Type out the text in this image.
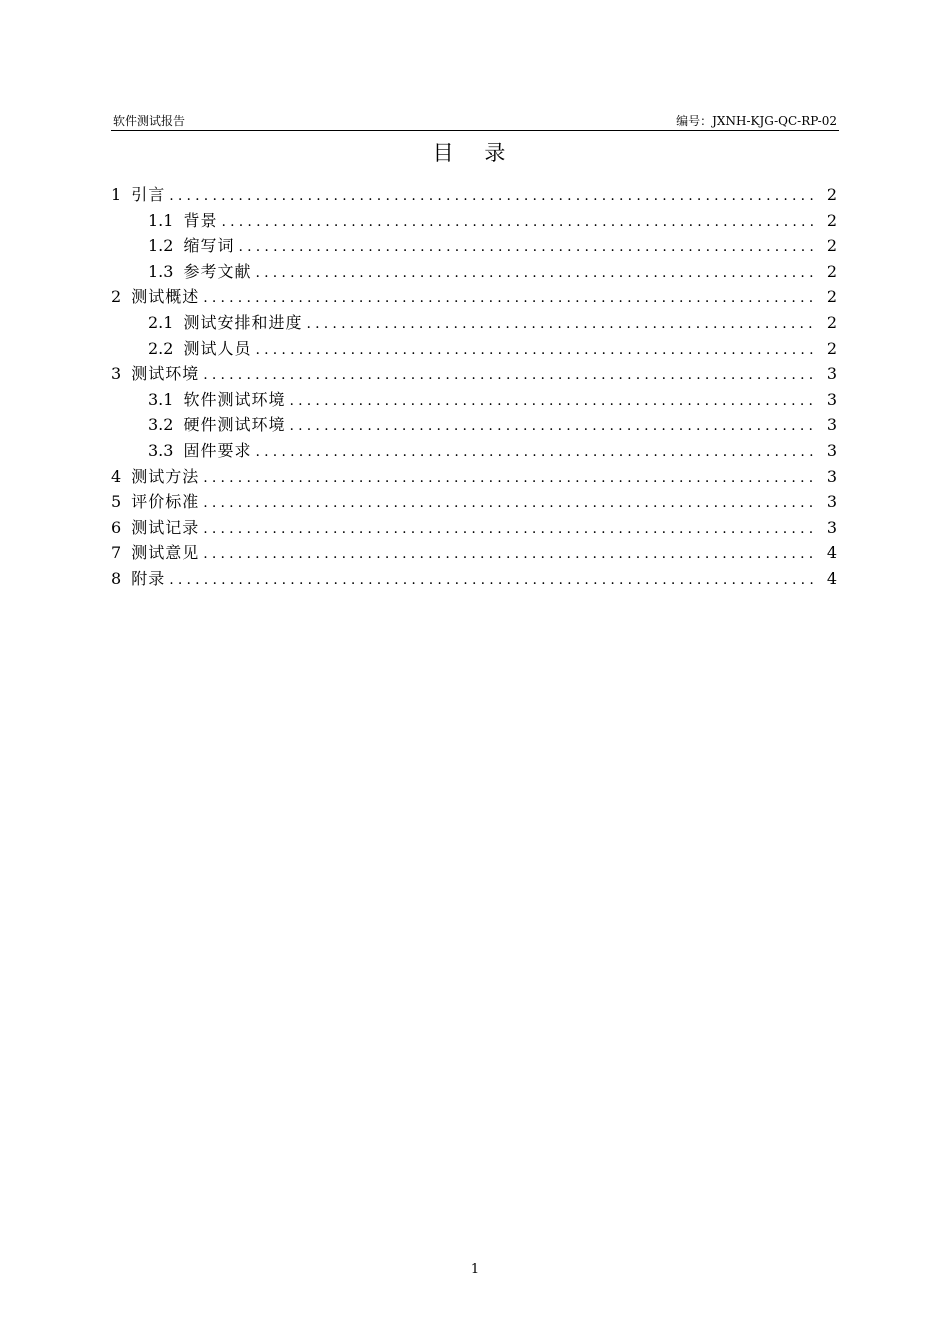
软件测试报告	编号：JXNH-KJG-QC-RP-02
目 录
1 引言 .....	2
1.1 背景 .....	2
1.2 缩写词 .....	2
1.3 参考文献 .....	2
2 测试概述 .....	2
2.1 测试安排和进度 .....	2
2.2 测试人员 .....	2
3 测试环境 .....	3
3.1 软件测试环境 .....	3
3.2 硬件测试环境 .....	3
3.3 固件要求 .....	3
4 测试方法 .....	3
5 评价标准 .....	3
6 测试记录 .....	3
7 测试意见 .....	4
8 附录 .....	4
1
